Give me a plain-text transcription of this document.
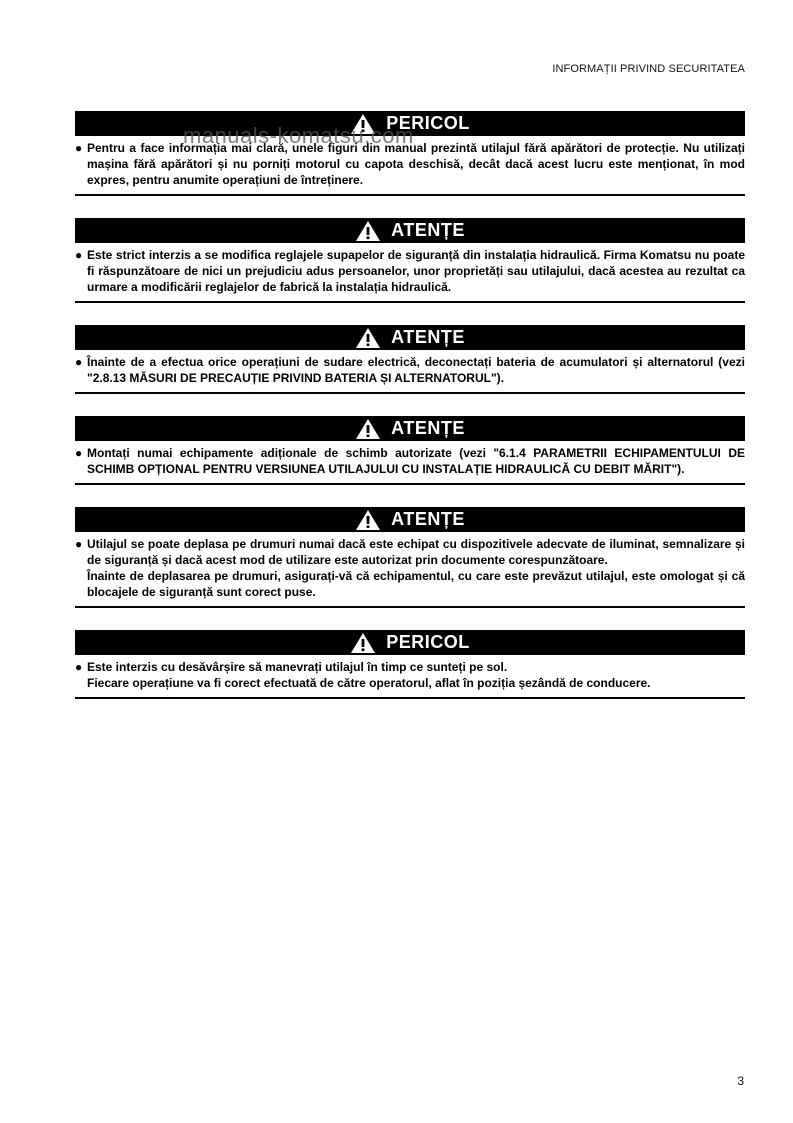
INFORMAȚII PRIVIND SECURITATEA
manuals-komatsu.com
PERICOL
● Pentru a face informația mai clară, unele figuri din manual prezintă utilajul fără apărători de protecție. Nu utilizați mașina fără apărători și nu porniți motorul cu capota deschisă, decât dacă acest lucru este menționat, în mod expres, pentru anumite operațiuni de întreținere.

ATENȚE
● Este strict interzis a se modifica reglajele supapelor de siguranță din instalația hidraulică. Firma Komatsu nu poate fi răspunzătoare de nici un prejudiciu adus persoanelor, unor proprietăți sau utilajului, dacă acestea au rezultat ca urmare a modificării reglajelor de fabrică la instalația hidraulică.

ATENȚE
● Înainte de a efectua orice operațiuni de sudare electrică, deconectați bateria de acumulatori și alternatorul (vezi "2.8.13 MĂSURI DE PRECAUȚIE PRIVIND BATERIA ȘI ALTERNATORUL").

ATENȚE
● Montați numai echipamente adiționale de schimb autorizate (vezi "6.1.4 PARAMETRII ECHIPAMENTULUI DE SCHIMB OPȚIONAL PENTRU VERSIUNEA UTILAJULUI CU INSTALAȚIE HIDRAULICĂ CU DEBIT MĂRIT").

ATENȚE
● Utilajul se poate deplasa pe drumuri numai dacă este echipat cu dispozitivele adecvate de iluminat, semnalizare și de siguranță și dacă acest mod de utilizare este autorizat prin documente corespunzătoare.

Înainte de deplasarea pe drumuri, asigurați-vă că echipamentul, cu care este prevăzut utilajul, este omologat și că blocajele de siguranță sunt corect puse.

PERICOL
● Este interzis cu desăvârșire să manevrați utilajul în timp ce sunteți pe sol.

Fiecare operațiune va fi corect efectuată de către operatorul, aflat în poziția șezândă de conducere.

3
